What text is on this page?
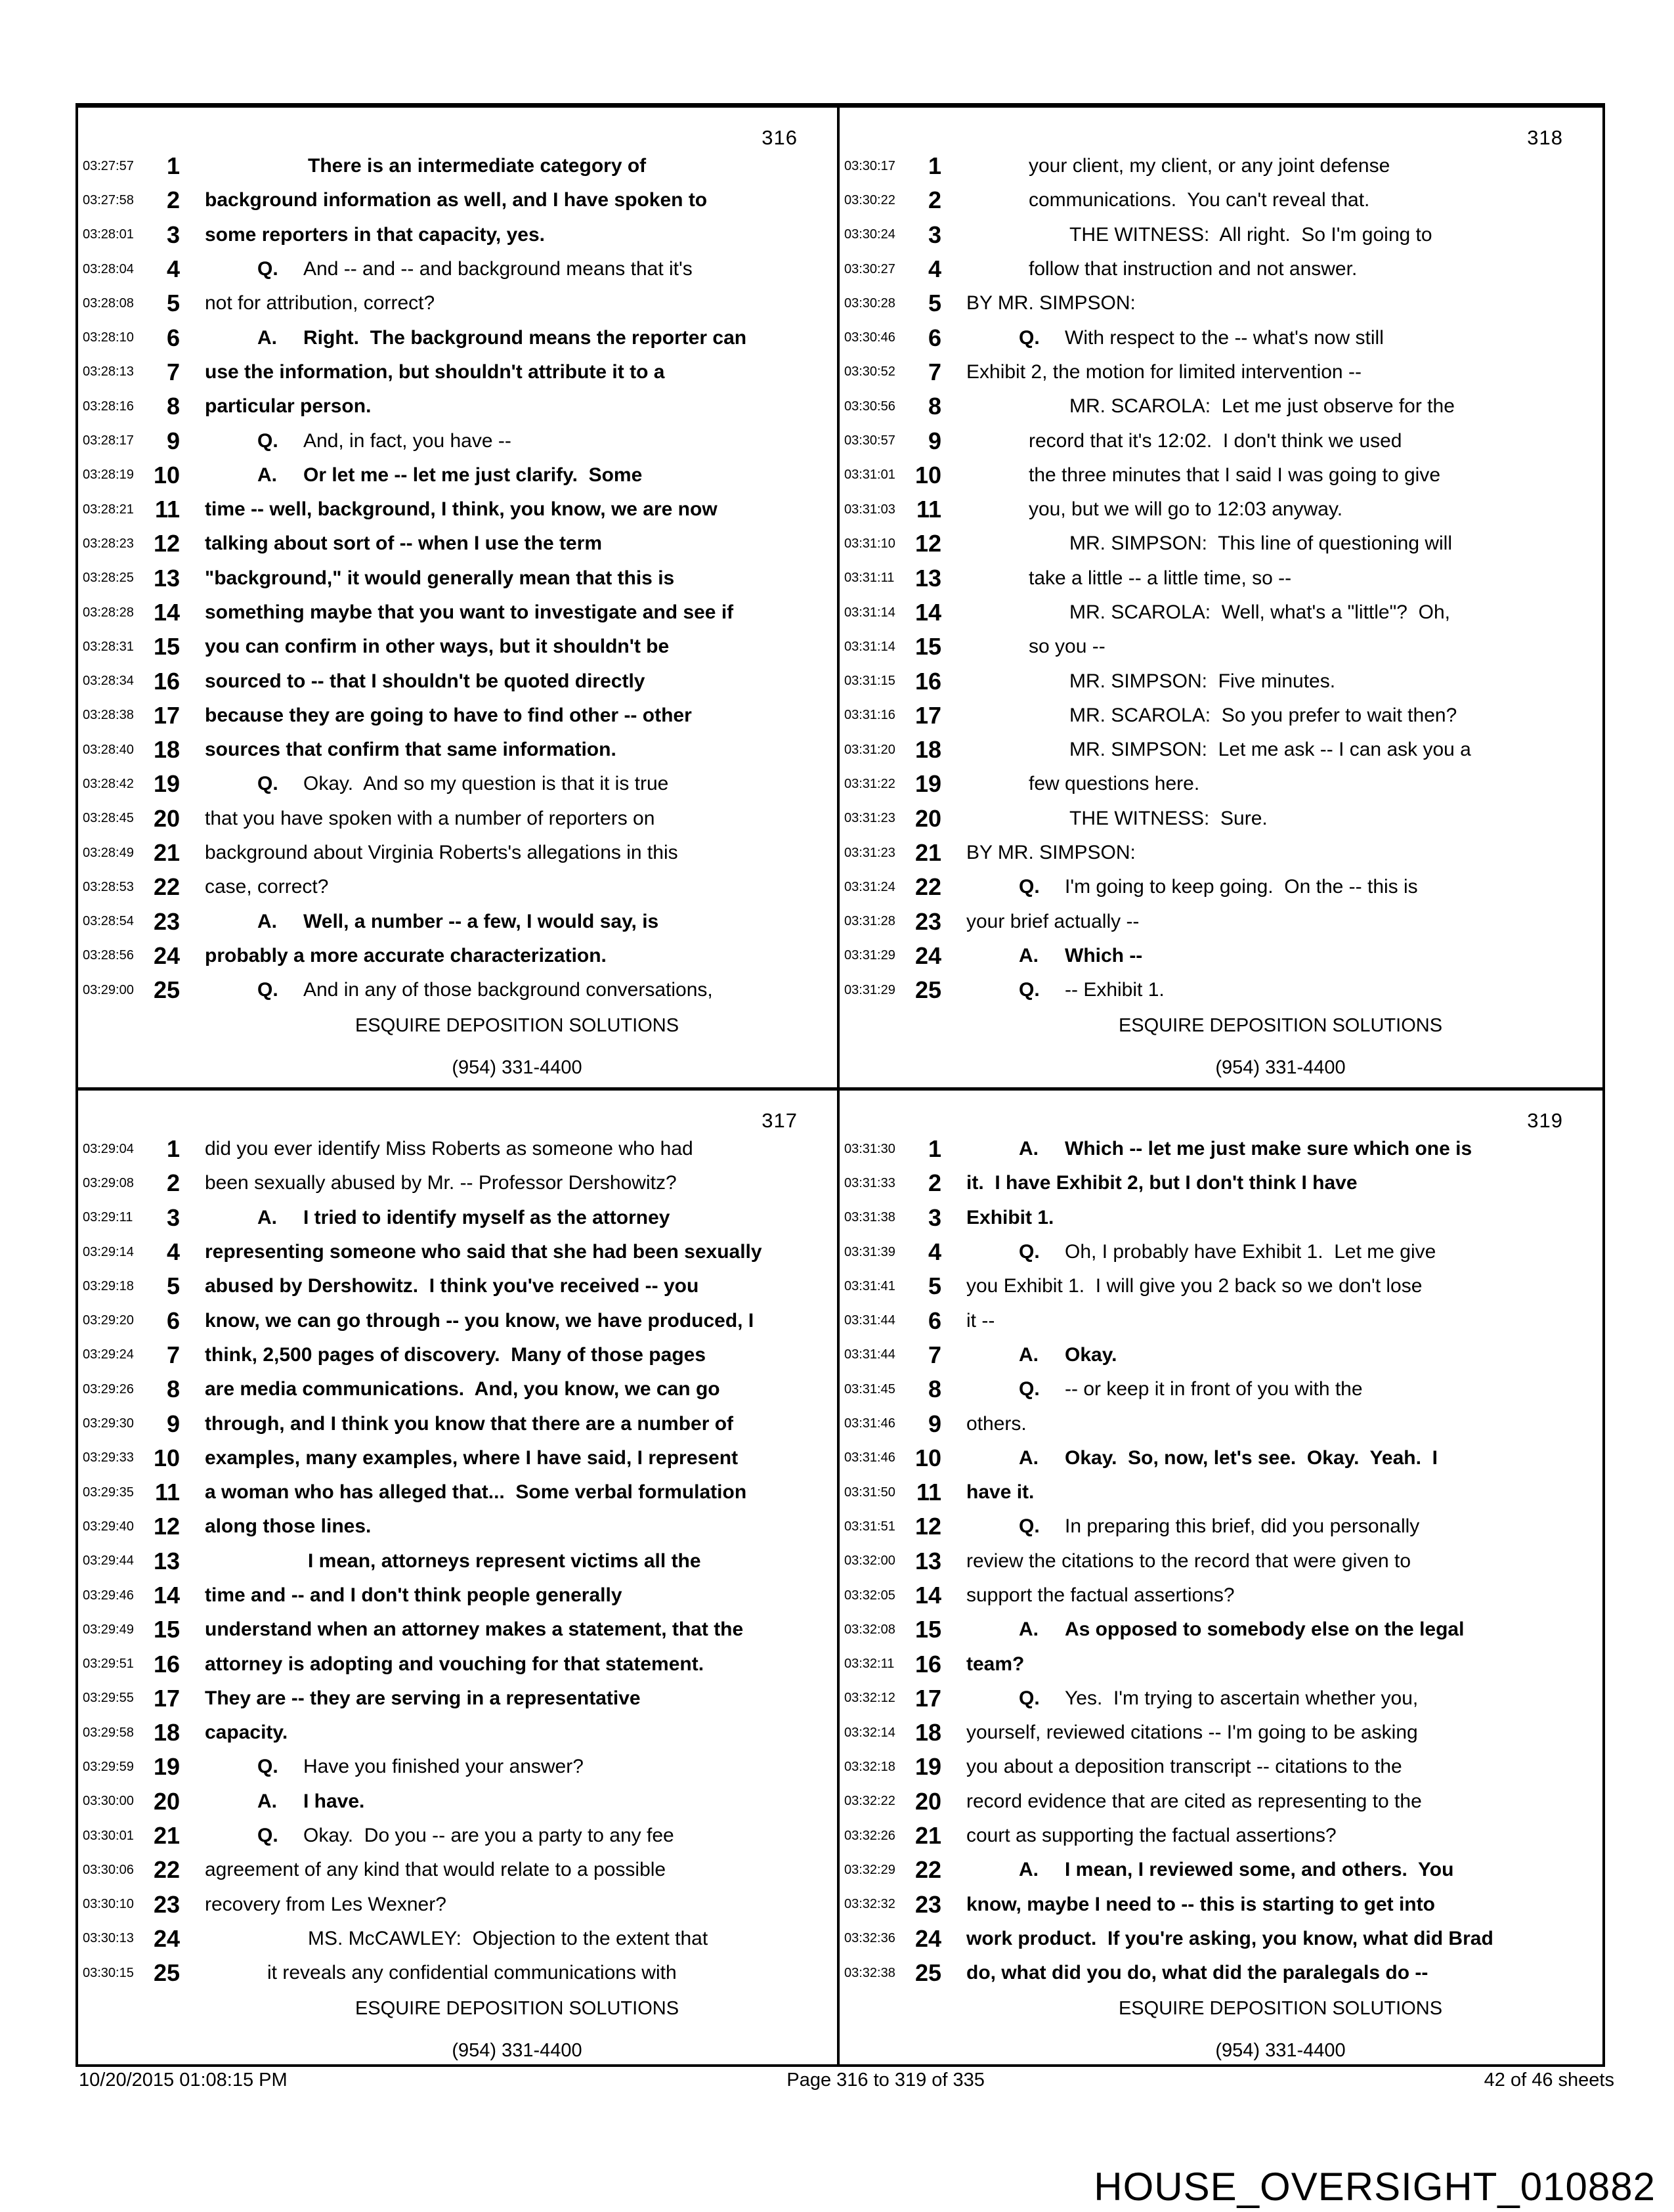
316
03:27:57	1	There is an intermediate category of
03:27:58	2 background information as well, and I have spoken to
03:28:01	3 some reporters in that capacity, yes.
03:28:04	4	Q. And -- and -- and background means that it's
03:28:08	5 not for attribution, correct?
03:28:10	6	A. Right.  The background means the reporter can
03:28:13	7 use the information, but shouldn't attribute it to a
03:28:16	8 particular person.
03:28:17	9	Q. And, in fact, you have --
03:28:19 10	A. Or let me -- let me just clarify.  Some
03:28:21 11 time -- well, background, I think, you know, we are now
03:28:23 12 talking about sort of -- when I use the term
03:28:25 13 "background," it would generally mean that this is
03:28:28 14 something maybe that you want to investigate and see if
03:28:31 15 you can confirm in other ways, but it shouldn't be
03:28:34 16 sourced to -- that I shouldn't be quoted directly
03:28:38 17 because they are going to have to find other -- other
03:28:40 18 sources that confirm that same information.
03:28:42 19	Q. Okay.  And so my question is that it is true
03:28:45 20 that you have spoken with a number of reporters on
03:28:49 21 background about Virginia Roberts's allegations in this
03:28:53 22 case, correct?
03:28:54 23	A. Well, a number -- a few, I would say, is
03:28:56 24 probably a more accurate characterization.
03:29:00 25	Q. And in any of those background conversations,
ESQUIRE DEPOSITION SOLUTIONS
(954) 331-4400
318
03:30:17	1	your client, my client, or any joint defense
03:30:22	2	communications.  You can't reveal that.
03:30:24	3	THE WITNESS:  All right.  So I'm going to
03:30:27	4	follow that instruction and not answer.
03:30:28	5 BY MR. SIMPSON:
03:30:46	6	Q. With respect to the -- what's now still
03:30:52	7 Exhibit 2, the motion for limited intervention --
03:30:56	8	MR. SCAROLA:  Let me just observe for the
03:30:57	9	record that it's 12:02.  I don't think we used
03:31:01 10	the three minutes that I said I was going to give
03:31:03 11	you, but we will go to 12:03 anyway.
03:31:10 12	MR. SIMPSON:  This line of questioning will
03:31:11 13	take a little -- a little time, so --
03:31:14 14	MR. SCAROLA:  Well, what's a "little"?  Oh,
03:31:14 15	so you --
03:31:15 16	MR. SIMPSON:  Five minutes.
03:31:16 17	MR. SCAROLA:  So you prefer to wait then?
03:31:20 18	MR. SIMPSON:  Let me ask -- I can ask you a
03:31:22 19	few questions here.
03:31:23 20	THE WITNESS:  Sure.
03:31:23 21 BY MR. SIMPSON:
03:31:24 22	Q. I'm going to keep going.  On the -- this is
03:31:28 23 your brief actually --
03:31:29 24	A. Which --
03:31:29 25	Q. -- Exhibit 1.
ESQUIRE DEPOSITION SOLUTIONS
(954) 331-4400
317
03:29:04	1 did you ever identify Miss Roberts as someone who had
03:29:08	2 been sexually abused by Mr. -- Professor Dershowitz?
03:29:11	3	A. I tried to identify myself as the attorney
03:29:14	4 representing someone who said that she had been sexually
03:29:18	5 abused by Dershowitz.  I think you've received -- you
03:29:20	6 know, we can go through -- you know, we have produced, I
03:29:24	7 think, 2,500 pages of discovery.  Many of those pages
03:29:26	8 are media communications.  And, you know, we can go
03:29:30	9 through, and I think you know that there are a number of
03:29:33 10 examples, many examples, where I have said, I represent
03:29:35 11 a woman who has alleged that...  Some verbal formulation
03:29:40 12 along those lines.
03:29:44 13	I mean, attorneys represent victims all the
03:29:46 14 time and -- and I don't think people generally
03:29:49 15 understand when an attorney makes a statement, that the
03:29:51 16 attorney is adopting and vouching for that statement.
03:29:55 17 They are -- they are serving in a representative
03:29:58 18 capacity.
03:29:59 19	Q. Have you finished your answer?
03:30:00 20	A. I have.
03:30:01 21	Q. Okay.  Do you -- are you a party to any fee
03:30:06 22 agreement of any kind that would relate to a possible
03:30:10 23 recovery from Les Wexner?
03:30:13 24	MS. McCAWLEY:  Objection to the extent that
03:30:15 25	it reveals any confidential communications with
ESQUIRE DEPOSITION SOLUTIONS
(954) 331-4400
319
03:31:30	1	A. Which -- let me just make sure which one is
03:31:33	2 it.  I have Exhibit 2, but I don't think I have
03:31:38	3 Exhibit 1.
03:31:39	4	Q. Oh, I probably have Exhibit 1.  Let me give
03:31:41	5 you Exhibit 1.  I will give you 2 back so we don't lose
03:31:44	6 it --
03:31:44	7	A. Okay.
03:31:45	8	Q. -- or keep it in front of you with the
03:31:46	9 others.
03:31:46 10	A. Okay.  So, now, let's see.  Okay.  Yeah.  I
03:31:50 11 have it.
03:31:51 12	Q. In preparing this brief, did you personally
03:32:00 13 review the citations to the record that were given to
03:32:05 14 support the factual assertions?
03:32:08 15	A. As opposed to somebody else on the legal
03:32:11 16 team?
03:32:12 17	Q. Yes.  I'm trying to ascertain whether you,
03:32:14 18 yourself, reviewed citations -- I'm going to be asking
03:32:18 19 you about a deposition transcript -- citations to the
03:32:22 20 record evidence that are cited as representing to the
03:32:26 21 court as supporting the factual assertions?
03:32:29 22	A. I mean, I reviewed some, and others.  You
03:32:32 23 know, maybe I need to -- this is starting to get into
03:32:36 24 work product.  If you're asking, you know, what did Brad
03:32:38 25 do, what did you do, what did the paralegals do --
ESQUIRE DEPOSITION SOLUTIONS
(954) 331-4400
10/20/2015 01:08:15 PM	Page 316 to 319 of 335	42 of 46 sheets
HOUSE_OVERSIGHT_010882
